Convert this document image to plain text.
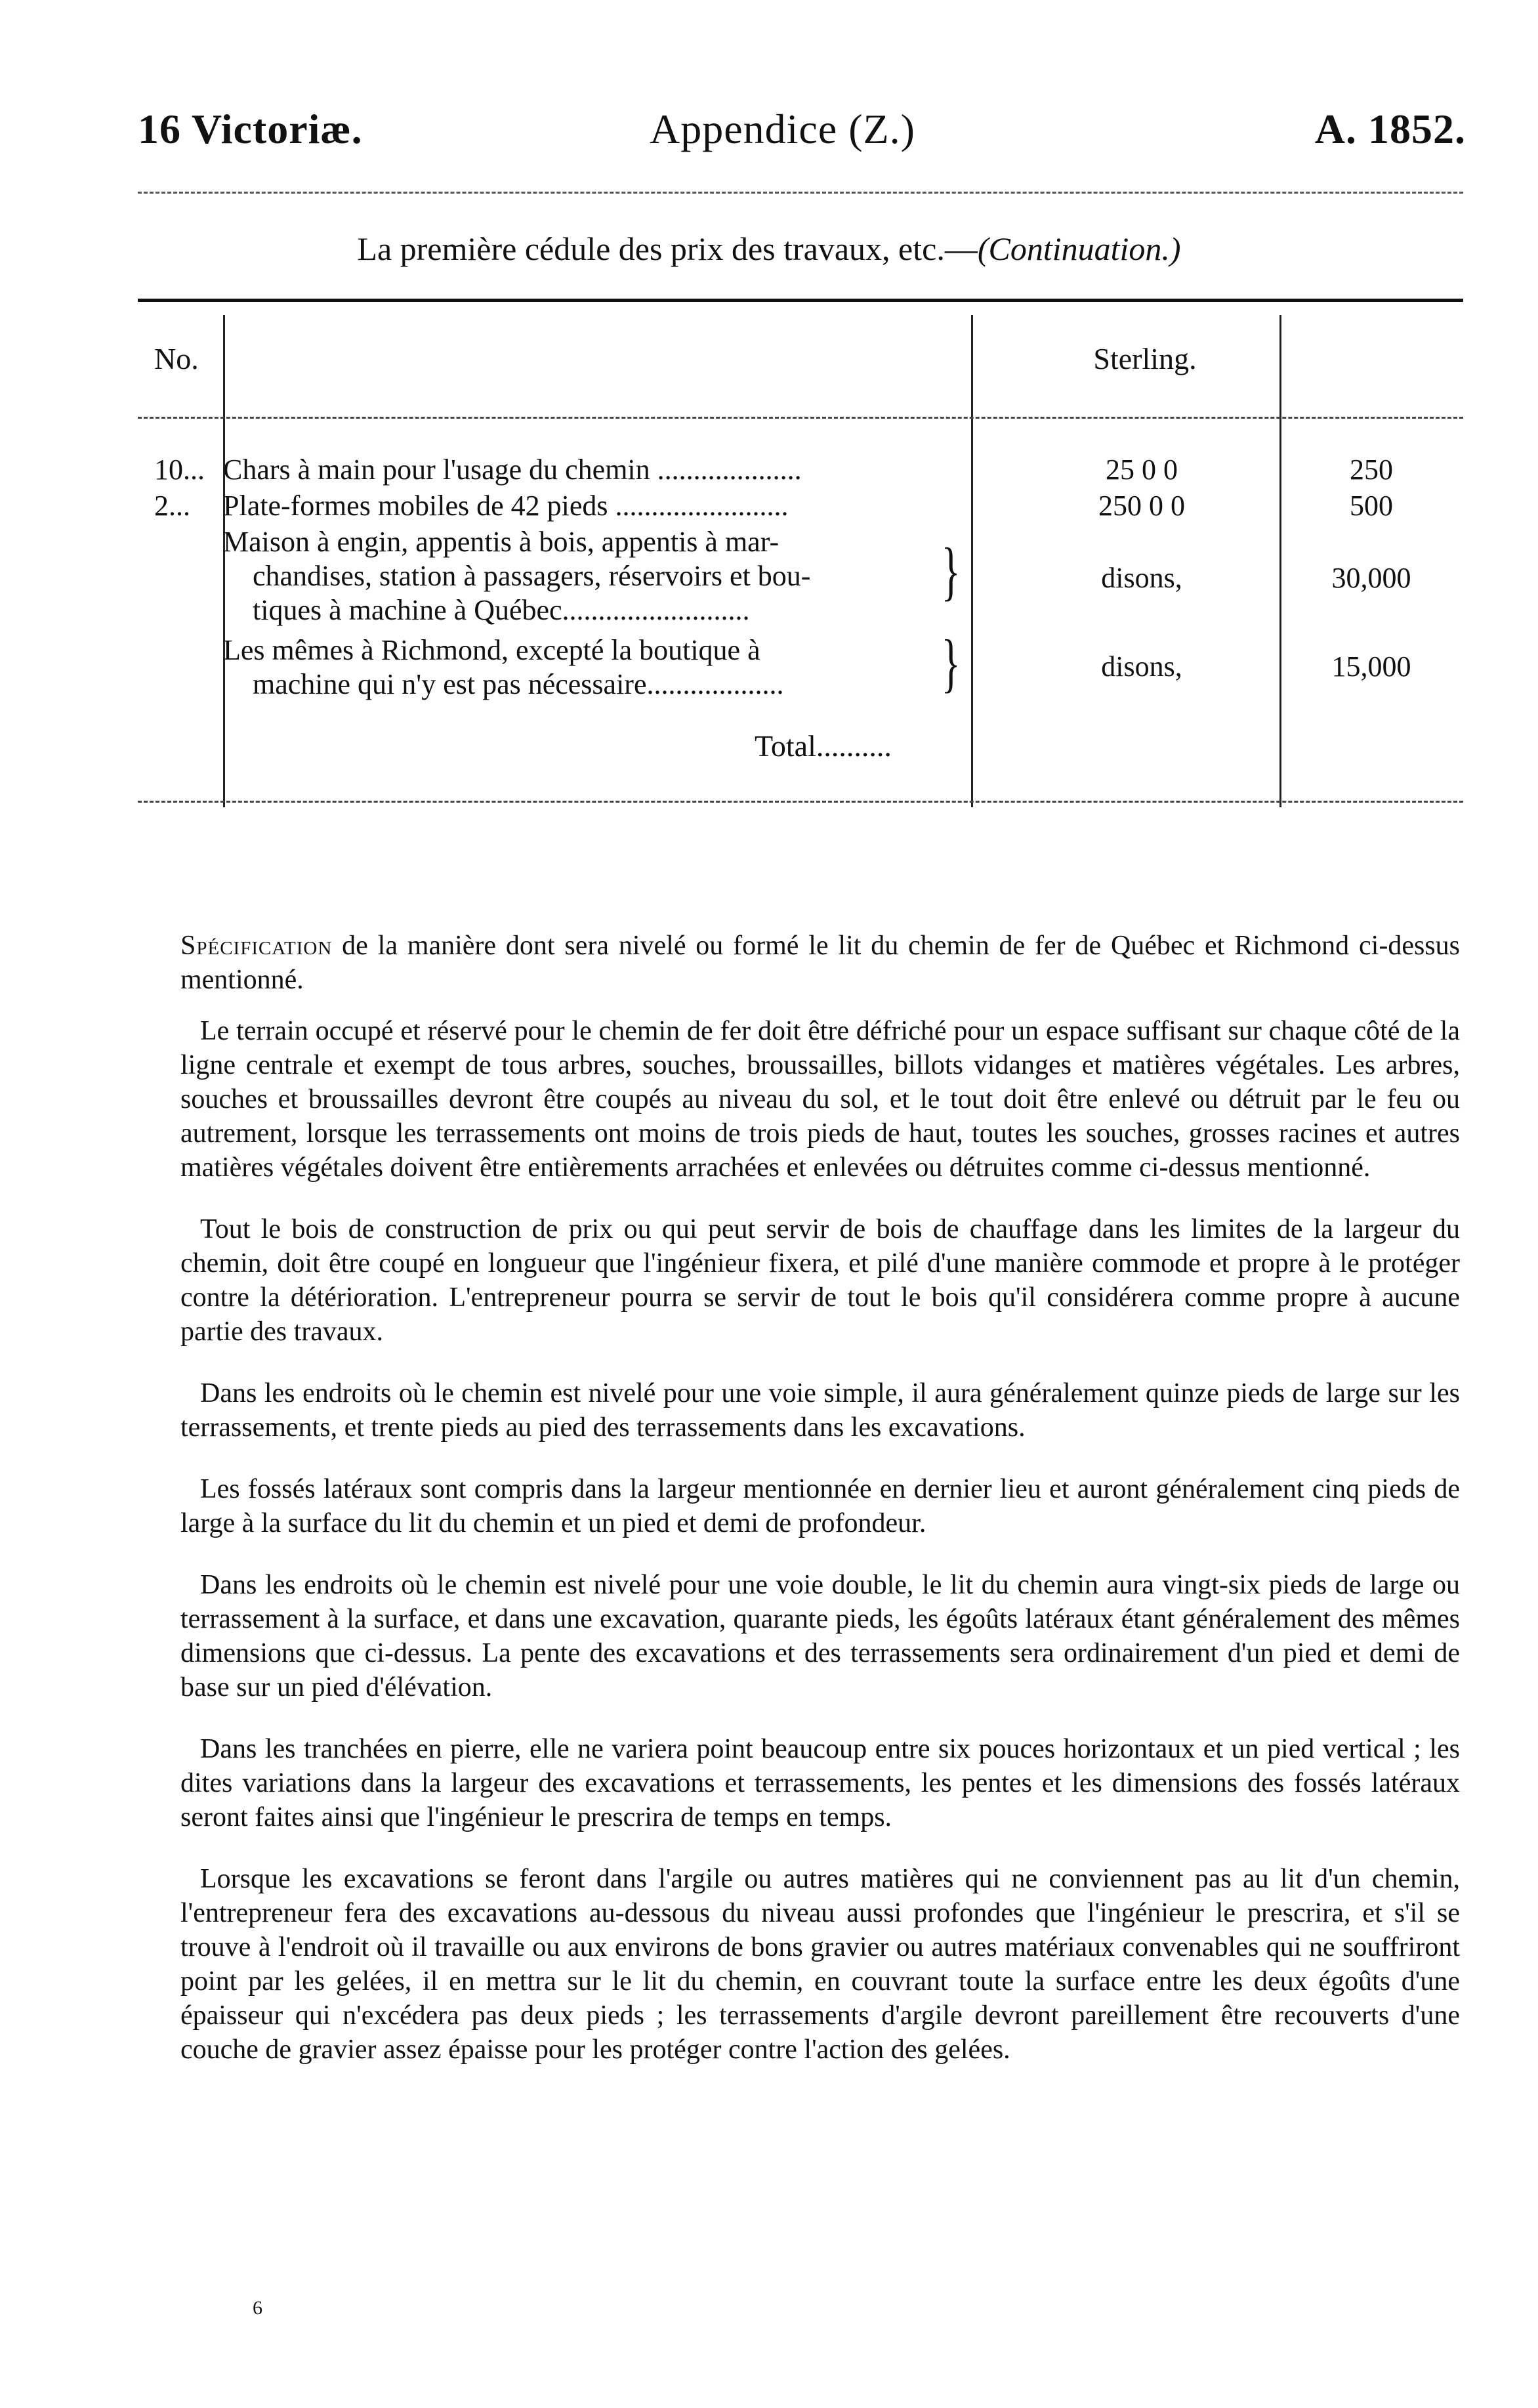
16 Victoriæ.	Appendice (Z.)	A. 1852.
La première cédule des prix des travaux, etc.—(Continuation.)
No.	Sterling.
10... Chars à main pour l'usage du chemin ....................	25 0 0	250
2...	Plate-formes mobiles de 42 pieds ........................	250 0 0	500
Maison à engin, appentis à bois, appentis à mar-
chandises, station à passagers, réservoirs et bou-
tiques à machine à Québec..........................
}	disons,	30,000
Les mêmes à Richmond, excepté la boutique à
machine qui n'y est pas nécessaire...................	}	disons,	15,000
Total..........
Spécification de la manière dont sera nivelé ou formé le lit du chemin de fer de Québec et Richmond ci-dessus mentionné.

Le terrain occupé et réservé pour le chemin de fer doit être défriché pour un espace suffisant sur chaque côté de la ligne centrale et exempt de tous arbres, souches, broussailles, billots vidanges et matières végétales. Les arbres, souches et broussailles devront être coupés au niveau du sol, et le tout doit être enlevé ou détruit par le feu ou autrement, lorsque les terrassements ont moins de trois pieds de haut, toutes les souches, grosses racines et autres matières végétales doivent être entièrements arrachées et enlevées ou détruites comme ci-dessus mentionné.

Tout le bois de construction de prix ou qui peut servir de bois de chauffage dans les limites de la largeur du chemin, doit être coupé en longueur que l'ingénieur fixera, et pilé d'une manière commode et propre à le protéger contre la détérioration. L'entrepreneur pourra se servir de tout le bois qu'il considérera comme propre à aucune partie des travaux.

Dans les endroits où le chemin est nivelé pour une voie simple, il aura généralement quinze pieds de large sur les terrassements, et trente pieds au pied des terrassements dans les excavations.

Les fossés latéraux sont compris dans la largeur mentionnée en dernier lieu et auront généralement cinq pieds de large à la surface du lit du chemin et un pied et demi de profondeur.

Dans les endroits où le chemin est nivelé pour une voie double, le lit du chemin aura vingt-six pieds de large ou terrassement à la surface, et dans une excavation, quarante pieds, les égoûts latéraux étant généralement des mêmes dimensions que ci-dessus. La pente des excavations et des terrassements sera ordinairement d'un pied et demi de base sur un pied d'élévation.

Dans les tranchées en pierre, elle ne variera point beaucoup entre six pouces horizontaux et un pied vertical ; les dites variations dans la largeur des excavations et terrassements, les pentes et les dimensions des fossés latéraux seront faites ainsi que l'ingénieur le prescrira de temps en temps.

Lorsque les excavations se feront dans l'argile ou autres matières qui ne conviennent pas au lit d'un chemin, l'entrepreneur fera des excavations au-dessous du niveau aussi profondes que l'ingénieur le prescrira, et s'il se trouve à l'endroit où il travaille ou aux environs de bons gravier ou autres matériaux convenables qui ne souffriront point par les gelées, il en mettra sur le lit du chemin, en couvrant toute la surface entre les deux égoûts d'une épaisseur qui n'excédera pas deux pieds ; les terrassements d'argile devront pareillement être recouverts d'une couche de gravier assez épaisse pour les protéger contre l'action des gelées.

6
